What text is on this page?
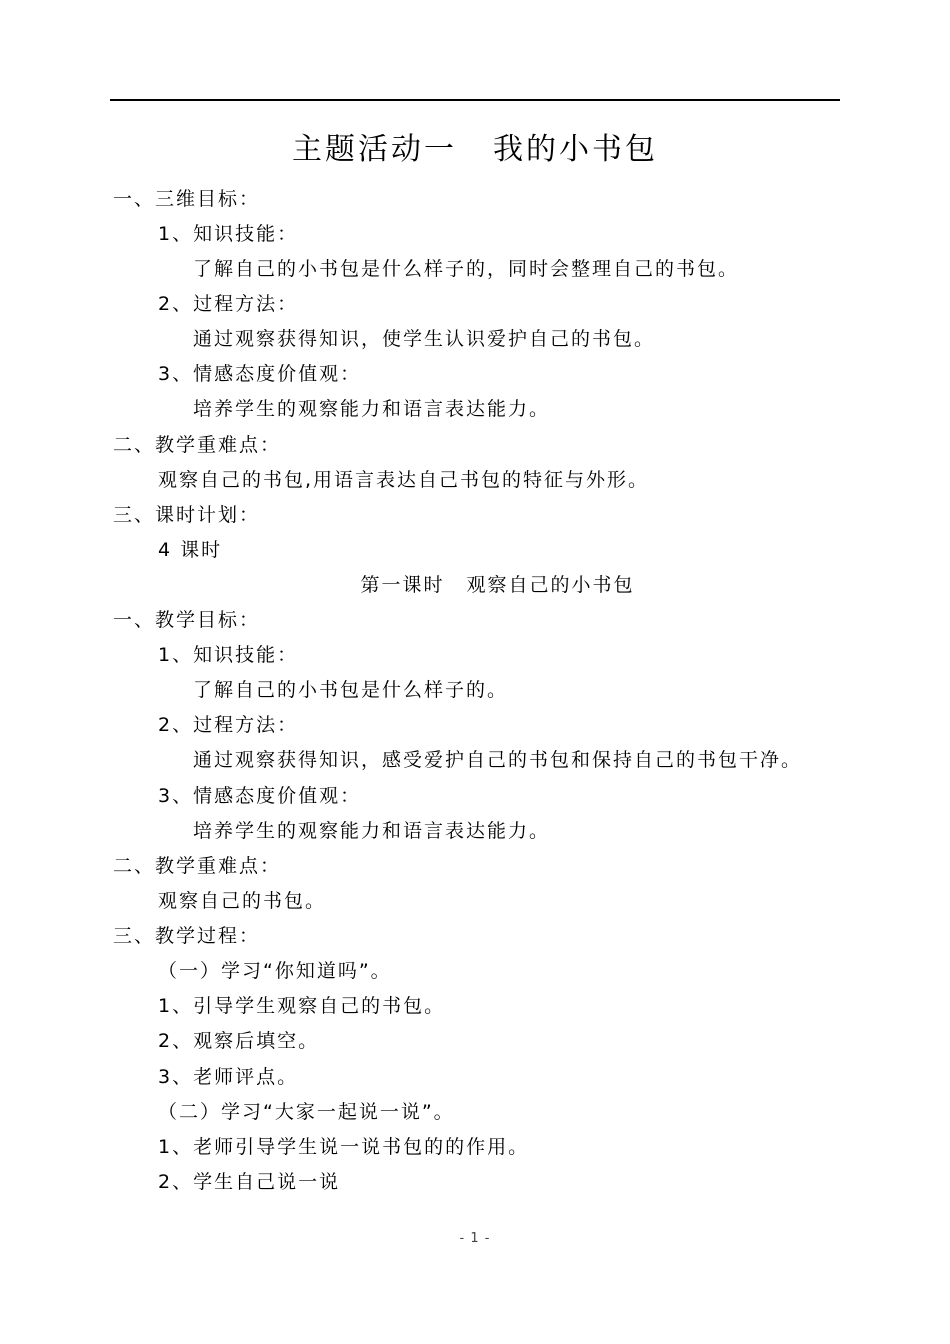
主题活动一 我的小书包
一、三维目标：
1、知识技能：
了解自己的小书包是什么样子的，同时会整理自己的书包。
2、过程方法：
通过观察获得知识，使学生认识爱护自己的书包。
3、情感态度价值观：
培养学生的观察能力和语言表达能力。
二、教学重难点：
观察自己的书包,用语言表达自己书包的特征与外形。
三、课时计划：
4 课时
第一课时 观察自己的小书包
一、教学目标：
1、知识技能：
了解自己的小书包是什么样子的。
2、过程方法：
通过观察获得知识，感受爱护自己的书包和保持自己的书包干净。
3、情感态度价值观：
培养学生的观察能力和语言表达能力。
二、教学重难点：
观察自己的书包。
三、教学过程：
（一）学习“你知道吗”。
1、引导学生观察自己的书包。
2、观察后填空。
3、老师评点。
（二）学习“大家一起说一说”。
1、老师引导学生说一说书包的的作用。
2、学生自己说一说
- 1 -
